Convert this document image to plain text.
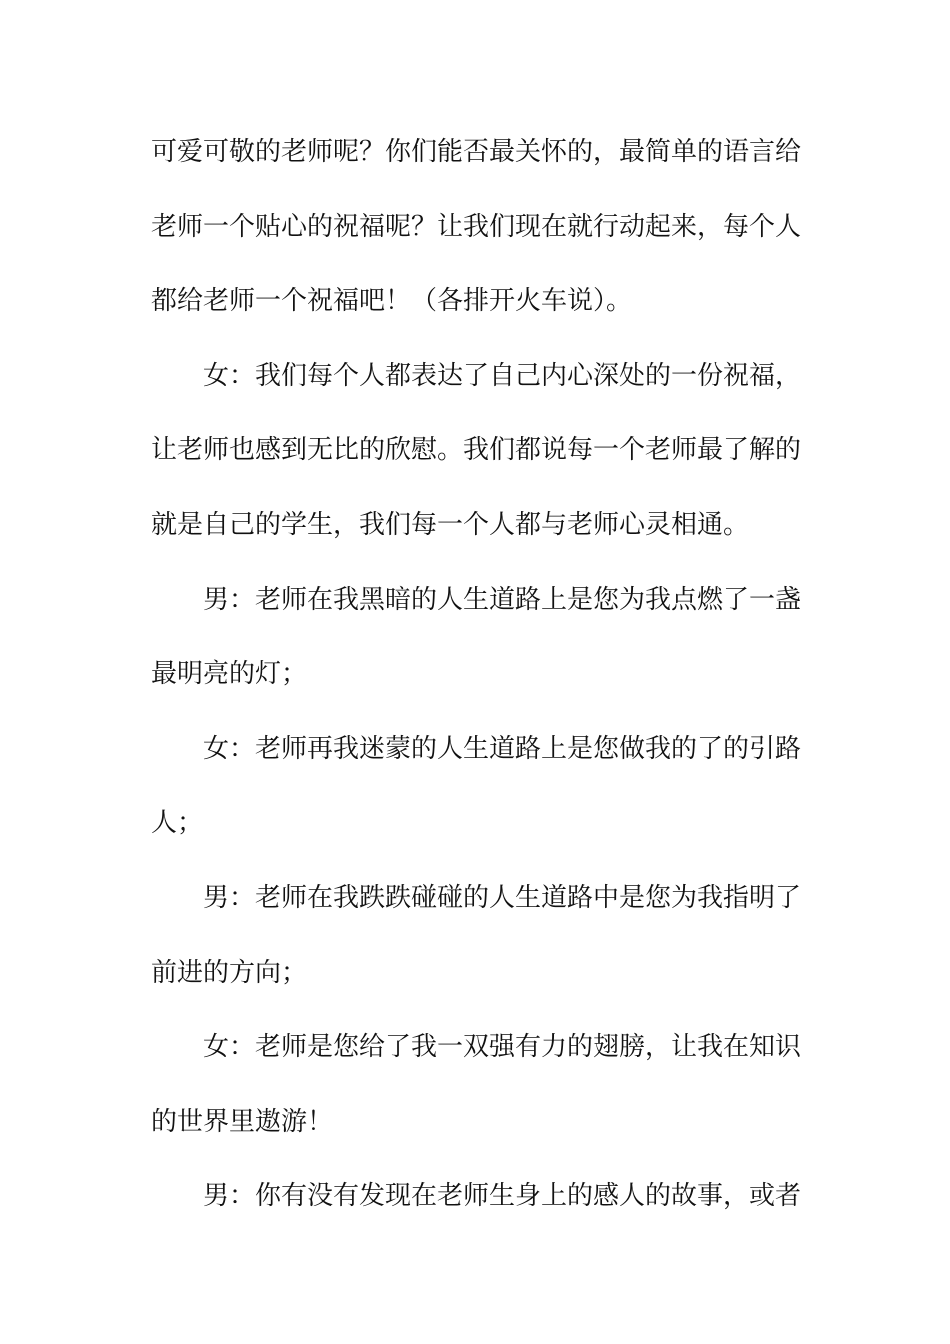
可爱可敬的老师呢？你们能否最关怀的，最简单的语言给
老师一个贴心的祝福呢？让我们现在就行动起来，每个人
都给老师一个祝福吧！（各排开火车说）。
女：我们每个人都表达了自己内心深处的一份祝福，
让老师也感到无比的欣慰。我们都说每一个老师最了解的
就是自己的学生，我们每一个人都与老师心灵相通。
男：老师在我黑暗的人生道路上是您为我点燃了一盏
最明亮的灯；
女：老师再我迷蒙的人生道路上是您做我的了的引路
人；
男：老师在我跌跌碰碰的人生道路中是您为我指明了
前进的方向；
女：老师是您给了我一双强有力的翅膀，让我在知识
的世界里遨游！
男：你有没有发现在老师生身上的感人的故事，或者
